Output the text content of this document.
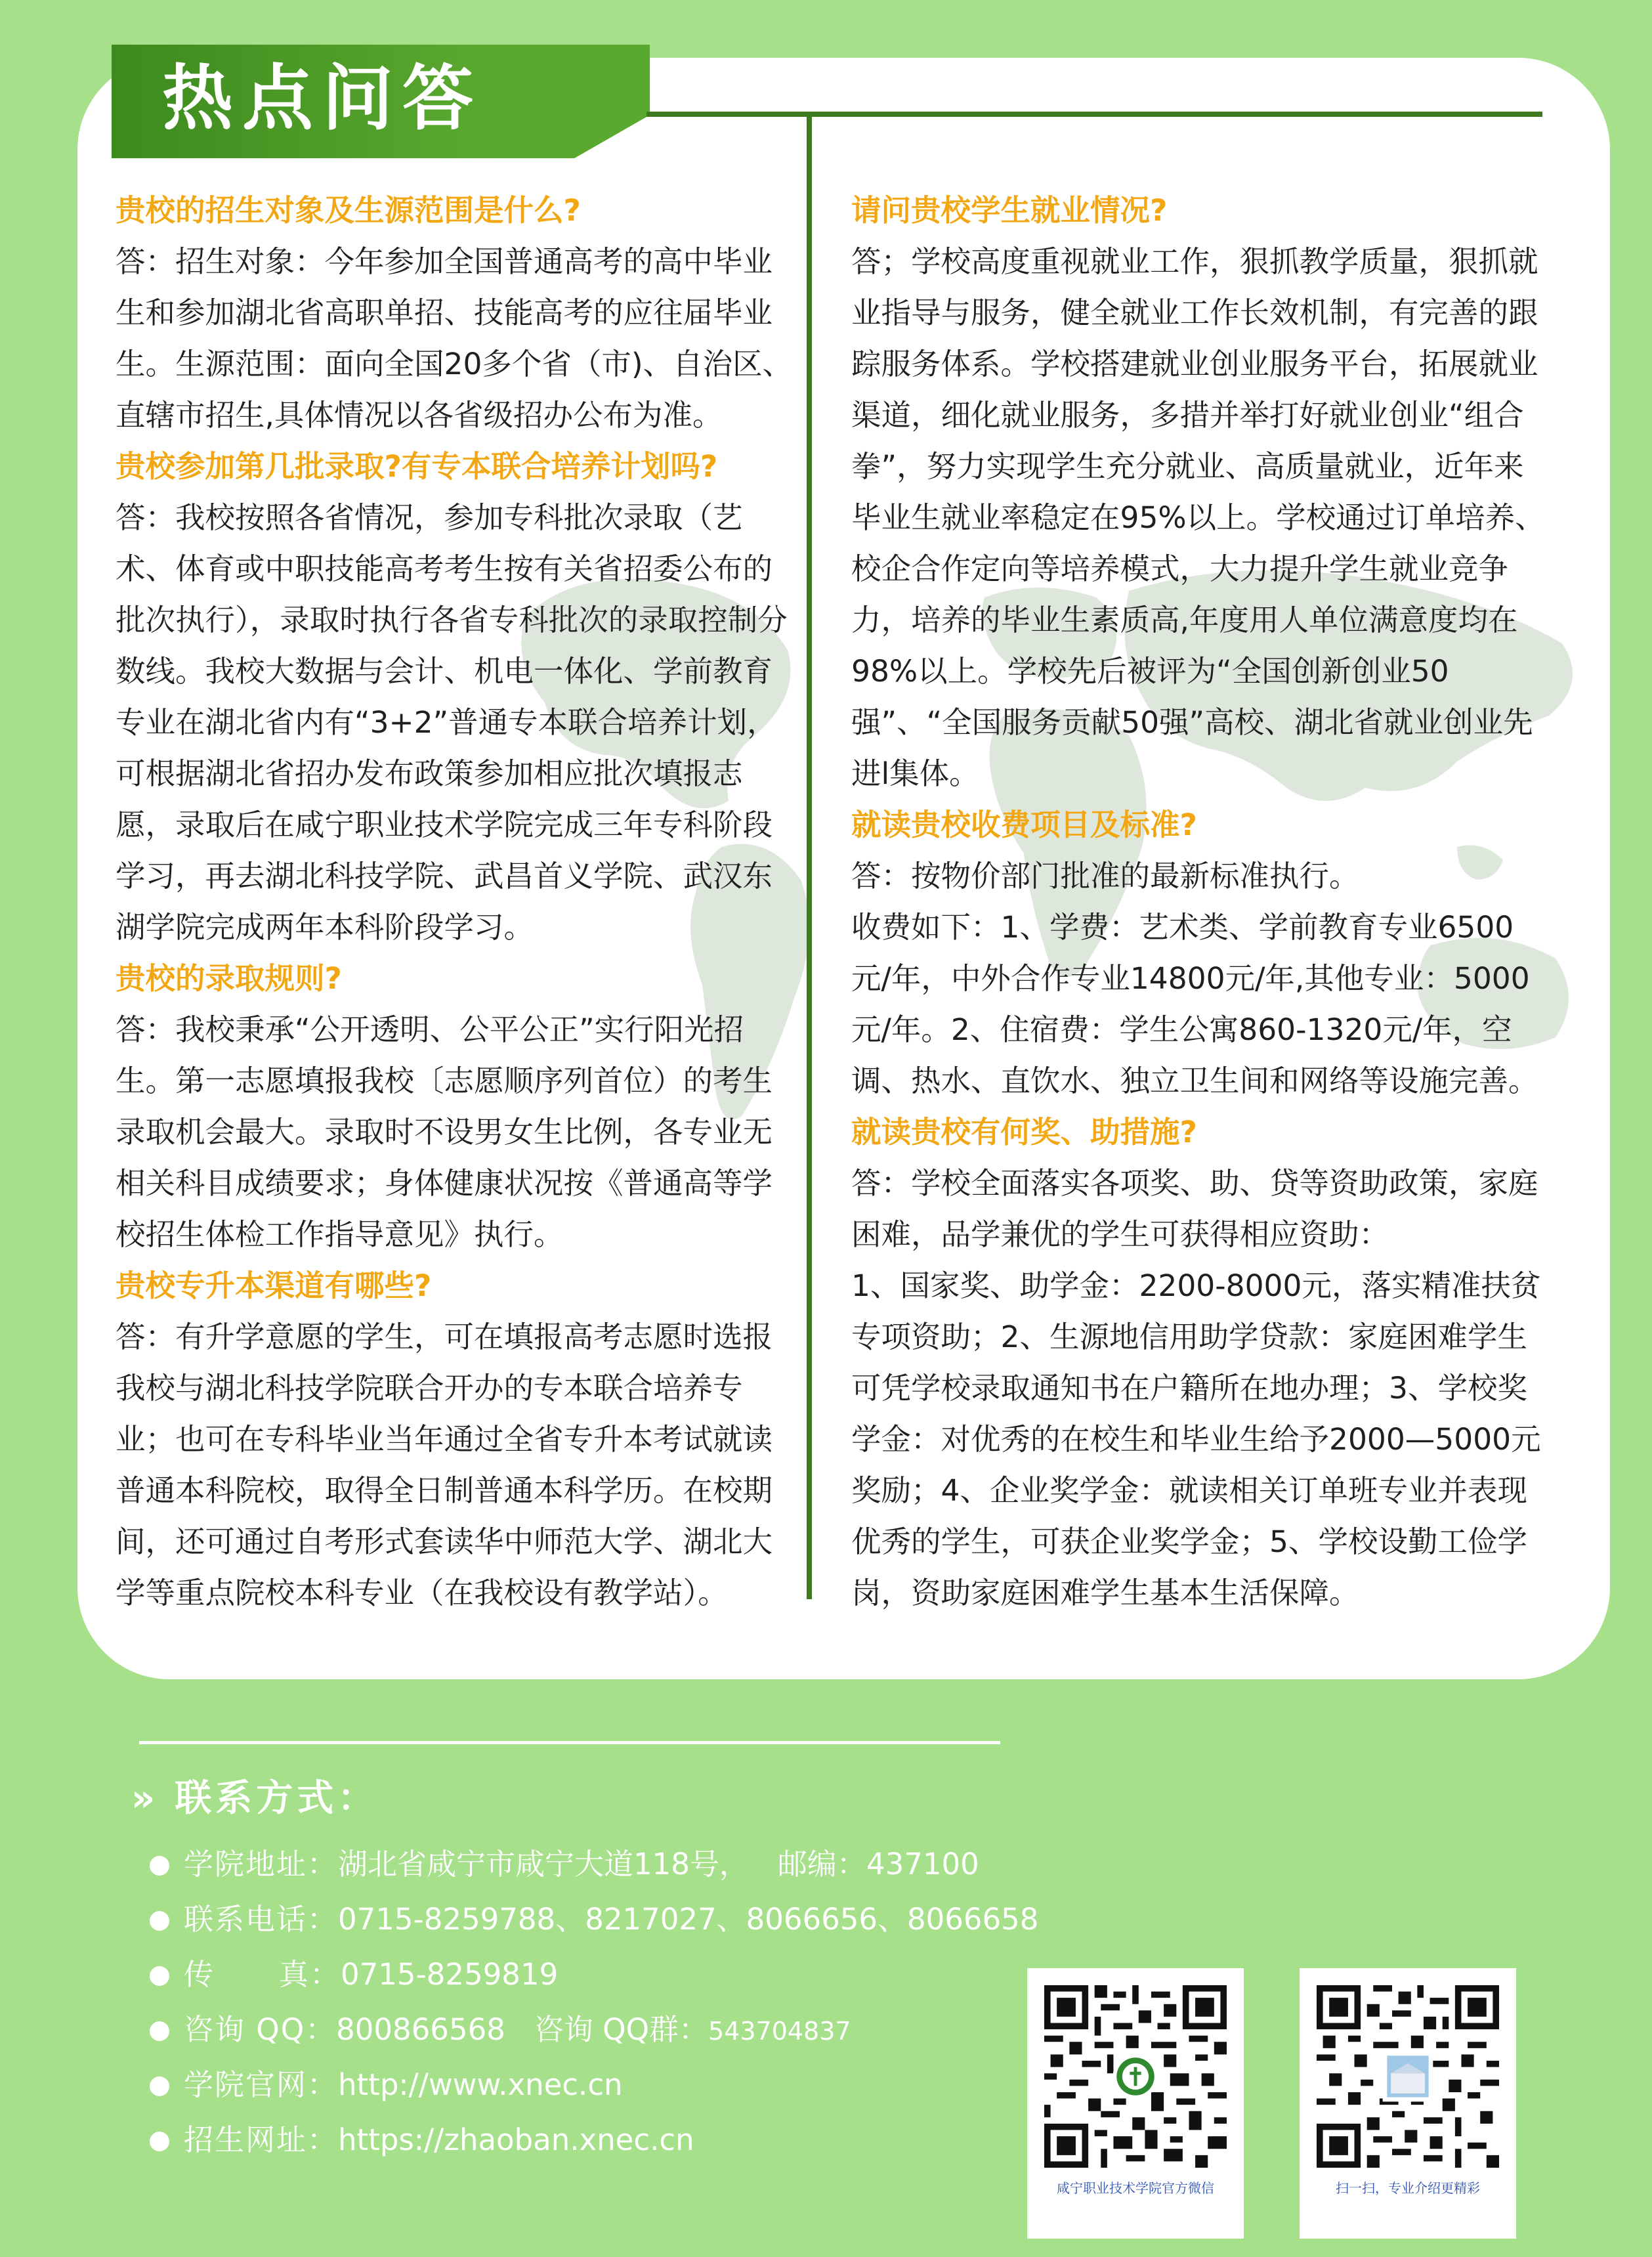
热点问答
贵校的招生对象及生源范围是什么?

答：招生对象：今年参加全国普通高考的高中毕业生和参加湖北省高职单招、技能高考的应往届毕业生。生源范围：面向全国20多个省（市)、自治区、直辖市招生,具体情况以各省级招办公布为准。

贵校参加第几批录取?有专本联合培养计划吗?

答：我校按照各省情况，参加专科批次录取（艺术、体育或中职技能高考考生按有关省招委公布的批次执行），录取时执行各省专科批次的录取控制分数线。我校大数据与会计、机电一体化、学前教育专业在湖北省内有“3+2”普通专本联合培养计划，可根据湖北省招办发布政策参加相应批次填报志愿，录取后在咸宁职业技术学院完成三年专科阶段学习，再去湖北科技学院、武昌首义学院、武汉东湖学院完成两年本科阶段学习。

贵校的录取规则?

答：我校秉承“公开透明、公平公正”实行阳光招生。第一志愿填报我校〔志愿顺序列首位）的考生录取机会最大。录取时不设男女生比例，各专业无相关科目成绩要求；身体健康状况按《普通高等学校招生体检工作指导意见》执行。

贵校专升本渠道有哪些?

答：有升学意愿的学生，可在填报高考志愿时选报我校与湖北科技学院联合开办的专本联合培养专业；也可在专科毕业当年通过全省专升本考试就读普通本科院校，取得全日制普通本科学历。在校期间，还可通过自考形式套读华中师范大学、湖北大学等重点院校本科专业（在我校设有教学站）。

请问贵校学生就业情况?

答；学校高度重视就业工作，狠抓教学质量，狠抓就业指导与服务，健全就业工作长效机制，有完善的跟踪服务体系。学校搭建就业创业服务平台，拓展就业渠道，细化就业服务，多措并举打好就业创业“组合拳”，努力实现学生充分就业、高质量就业，近年来毕业生就业率稳定在95%以上。学校通过订单培养、校企合作定向等培养模式，大力提升学生就业竞争力，培养的毕业生素质高,年度用人单位满意度均在98%以上。学校先后被评为“全国创新创业50强”、“全国服务贡献50强”高校、湖北省就业创业先进l集体。

就读贵校收费项目及标准?

答：按物价部门批准的最新标准执行。

收费如下：1、学费：艺术类、学前教育专业6500元/年，中外合作专业14800元/年,其他专业：5000元/年。2、住宿费：学生公寓860-1320元/年，空调、热水、直饮水、独立卫生间和网络等设施完善。

就读贵校有何奖、助措施?

答：学校全面落实各项奖、助、贷等资助政策，家庭困难，品学兼优的学生可获得相应资助：

1、国家奖、助学金：2200-8000元，落实精准扶贫专项资助；2、生源地信用助学贷款：家庭困难学生可凭学校录取通知书在户籍所在地办理；3、学校奖学金：对优秀的在校生和毕业生给予2000—5000元奖励；4、企业奖学金：就读相关订单班专业并表现优秀的学生，可获企业奖学金；5、学校设勤工俭学岗，资助家庭困难学生基本生活保障。

» 联系方式：
学院地址：湖北省咸宁市咸宁大道118号， 邮编：437100
联系电话：0715-8259788、8217027、8066656、8066658
传 真：0715-8259819
咨询 QQ：800866568 咨询 QQ群：543704837
学院官网：http://www.xnec.cn
招生网址：https://zhaoban.xnec.cn
咸宁职业技术学院官方微信	扫一扫，专业介绍更精彩
